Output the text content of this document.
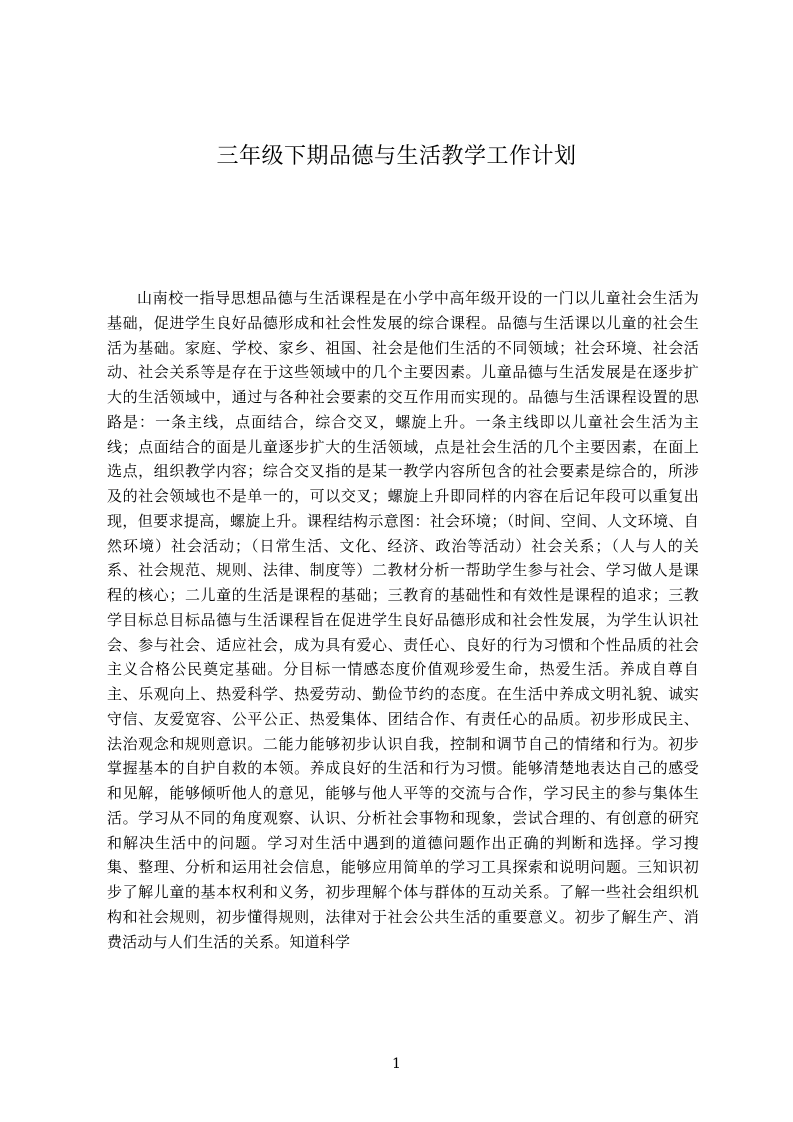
三年级下期品德与生活教学工作计划

山南校一指导思想品德与生活课程是在小学中高年级开设的一门以儿童社会生活为基础，促进学生良好品德形成和社会性发展的综合课程。品德与生活课以儿童的社会生活为基础。家庭、学校、家乡、祖国、社会是他们生活的不同领域；社会环境、社会活动、社会关系等是存在于这些领域中的几个主要因素。儿童品德与生活发展是在逐步扩大的生活领域中，通过与各种社会要素的交互作用而实现的。品德与生活课程设置的思路是：一条主线，点面结合，综合交叉，螺旋上升。一条主线即以儿童社会生活为主线；点面结合的面是儿童逐步扩大的生活领域，点是社会生活的几个主要因素，在面上选点，组织教学内容；综合交叉指的是某一教学内容所包含的社会要素是综合的，所涉及的社会领域也不是单一的，可以交叉；螺旋上升即同样的内容在后记年段可以重复出现，但要求提高，螺旋上升。课程结构示意图：社会环境；（时间、空间、人文环境、自然环境）社会活动；（日常生活、文化、经济、政治等活动）社会关系；（人与人的关系、社会规范、规则、法律、制度等）二教材分析一帮助学生参与社会、学习做人是课程的核心；二儿童的生活是课程的基础；三教育的基础性和有效性是课程的追求；三教学目标总目标品德与生活课程旨在促进学生良好品德形成和社会性发展，为学生认识社会、参与社会、适应社会，成为具有爱心、责任心、良好的行为习惯和个性品质的社会主义合格公民奠定基础。分目标一情感态度价值观珍爱生命，热爱生活。养成自尊自主、乐观向上、热爱科学、热爱劳动、勤俭节约的态度。在生活中养成文明礼貌、诚实守信、友爱宽容、公平公正、热爱集体、团结合作、有责任心的品质。初步形成民主、法治观念和规则意识。二能力能够初步认识自我，控制和调节自己的情绪和行为。初步掌握基本的自护自救的本领。养成良好的生活和行为习惯。能够清楚地表达自己的感受和见解，能够倾听他人的意见，能够与他人平等的交流与合作，学习民主的参与集体生活。学习从不同的角度观察、认识、分析社会事物和现象，尝试合理的、有创意的研究和解决生活中的问题。学习对生活中遇到的道德问题作出正确的判断和选择。学习搜集、整理、分析和运用社会信息，能够应用简单的学习工具探索和说明问题。三知识初步了解儿童的基本权利和义务，初步理解个体与群体的互动关系。了解一些社会组织机构和社会规则，初步懂得规则，法律对于社会公共生活的重要意义。初步了解生产、消费活动与人们生活的关系。知道科学

1
